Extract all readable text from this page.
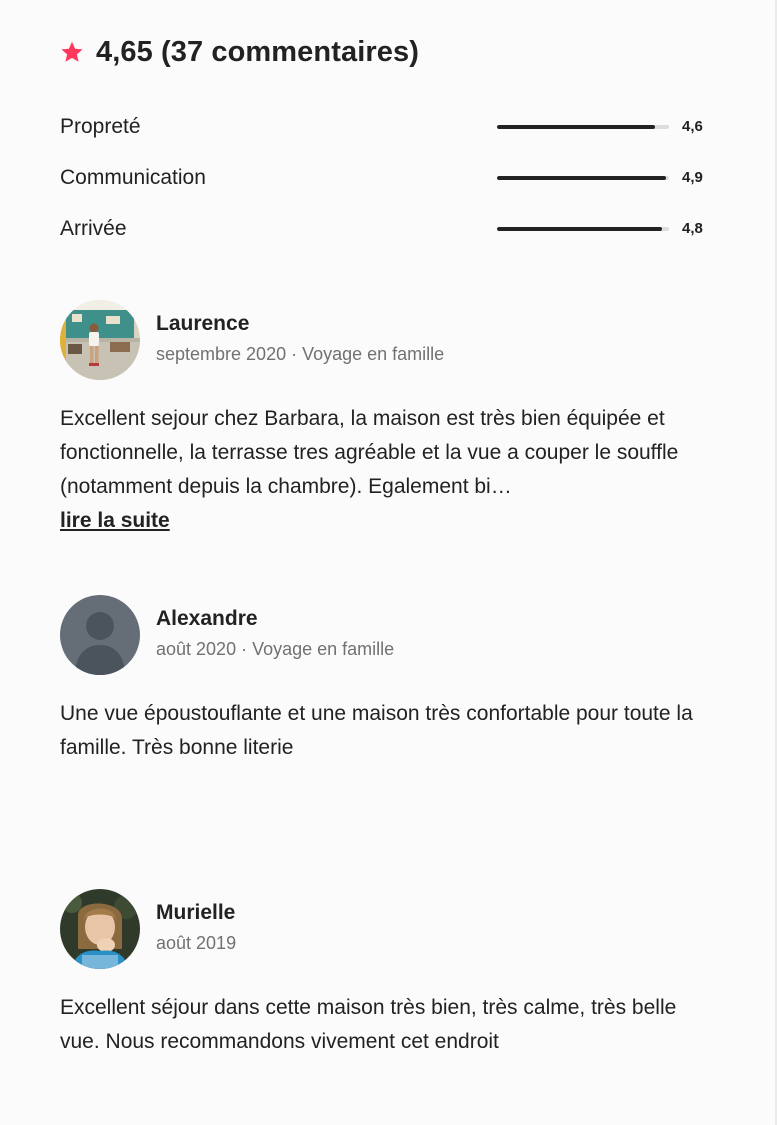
4,65 (37 commentaires)
Propreté	4,6
Communication	4,9
Arrivée	4,8
Laurence
septembre 2020 · Voyage en famille
Excellent sejour chez Barbara, la maison est très bien équipée et fonctionnelle, la terrasse tres agréable et la vue a couper le souffle (notamment depuis la chambre). Egalement bi…
lire la suite
Alexandre
août 2020 · Voyage en famille
Une vue époustouflante et une maison très confortable pour toute la famille. Très bonne literie
Murielle
août 2019
Excellent séjour dans cette maison très bien, très calme, très belle vue. Nous recommandons vivement cet endroit
